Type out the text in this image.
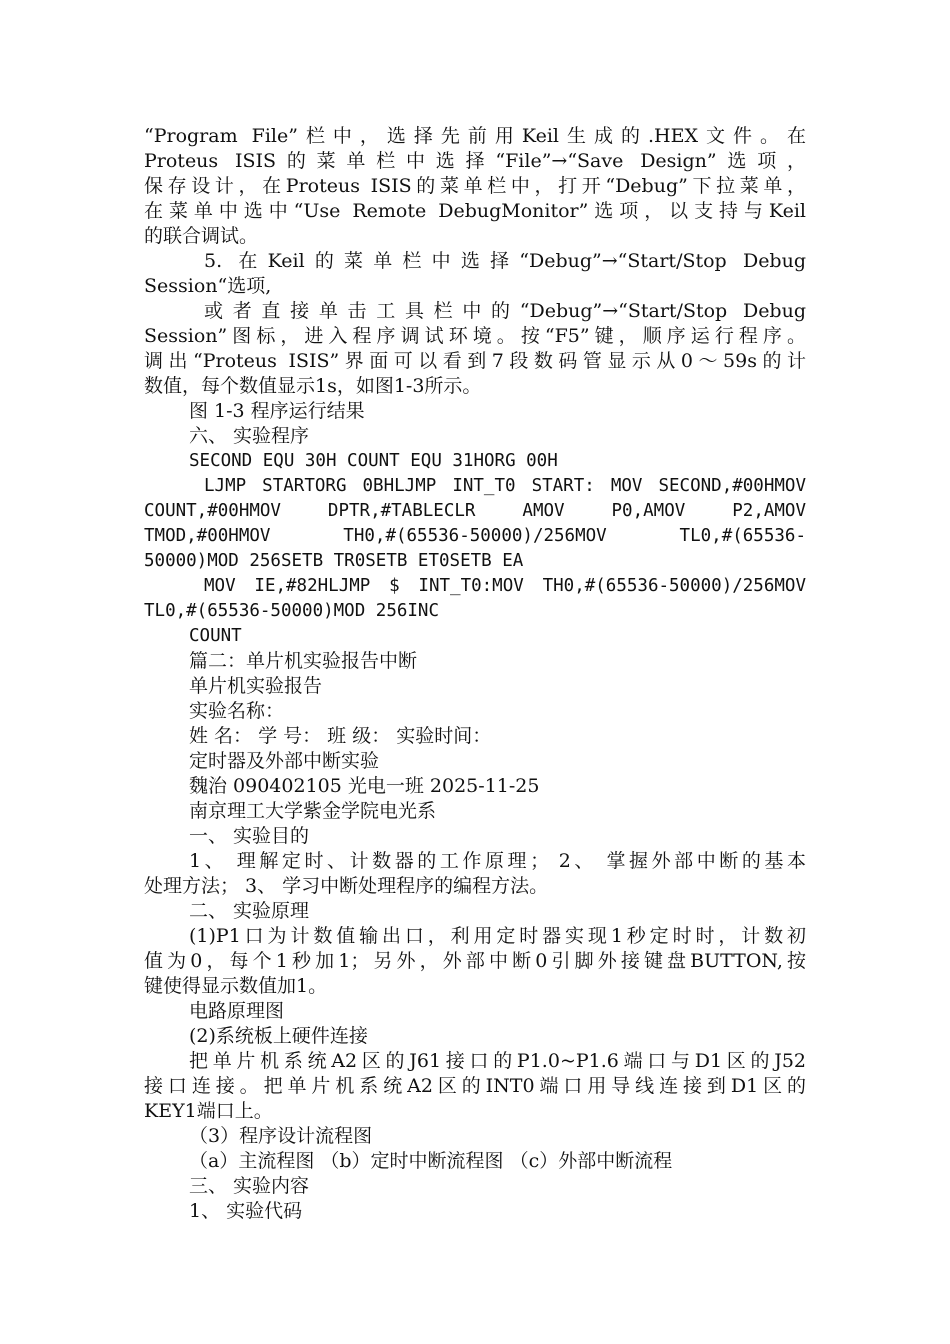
“Program File”栏中，选择先前用Keil生成的.HEX文件。在
Proteus ISIS的菜单栏中选择“File”→“Save Design”选项，
保存设计，在Proteus ISIS的菜单栏中，打开“Debug”下拉菜单，
在菜单中选中“Use Remote DebugMonitor”选项，以支持与Keil
的联合调试。
5. 在Keil的菜单栏中选择“Debug”→“Start/Stop Debug
Session“选项,
或者直接单击工具栏中的“Debug”→“Start/Stop Debug
Session”图标，进入程序调试环境。按“F5”键，顺序运行程序。
调出“Proteus ISIS”界面可以看到7段数码管显示从0～59s的计
数值，每个数值显示1s，如图1-3所示。
图 1-3 程序运行结果
六、 实验程序
SECOND EQU 30H COUNT EQU 31HORG 00H
LJMP STARTORG 0BHLJMP INT_T0 START: MOV SECOND,#00HMOV
COUNT,#00HMOV DPTR,#TABLECLR AMOV P0,AMOV P2,AMOV
TMOD,#00HMOV TH0,#(65536-50000)/256MOV TL0,#(65536-
50000)MOD 256SETB TR0SETB ET0SETB EA
MOV IE,#82HLJMP $ INT_T0:MOV TH0,#(65536-50000)/256MOV
TL0,#(65536-50000)MOD 256INC
COUNT
篇二：单片机实验报告中断
单片机实验报告
实验名称：
姓 名： 学 号： 班 级： 实验时间：
定时器及外部中断实验
魏治 090402105 光电一班 2025-11-25
南京理工大学紫金学院电光系
一、 实验目的
1、 理解定时、计数器的工作原理； 2、 掌握外部中断的基本
处理方法； 3、 学习中断处理程序的编程方法。
二、 实验原理
(1)P1口为计数值输出口，利用定时器实现1秒定时时，计数初
值为0，每个1秒加1；另外，外部中断0引脚外接键盘BUTTON,按
键使得显示数值加1。
电路原理图
(2)系统板上硬件连接
把单片机系统A2区的J61接口的P1.0~P1.6端口与D1区的J52
接口连接。把单片机系统A2区的INT0端口用导线连接到D1区的
KEY1端口上。
（3）程序设计流程图
（a）主流程图 （b）定时中断流程图 （c）外部中断流程
三、 实验内容
1、 实验代码
